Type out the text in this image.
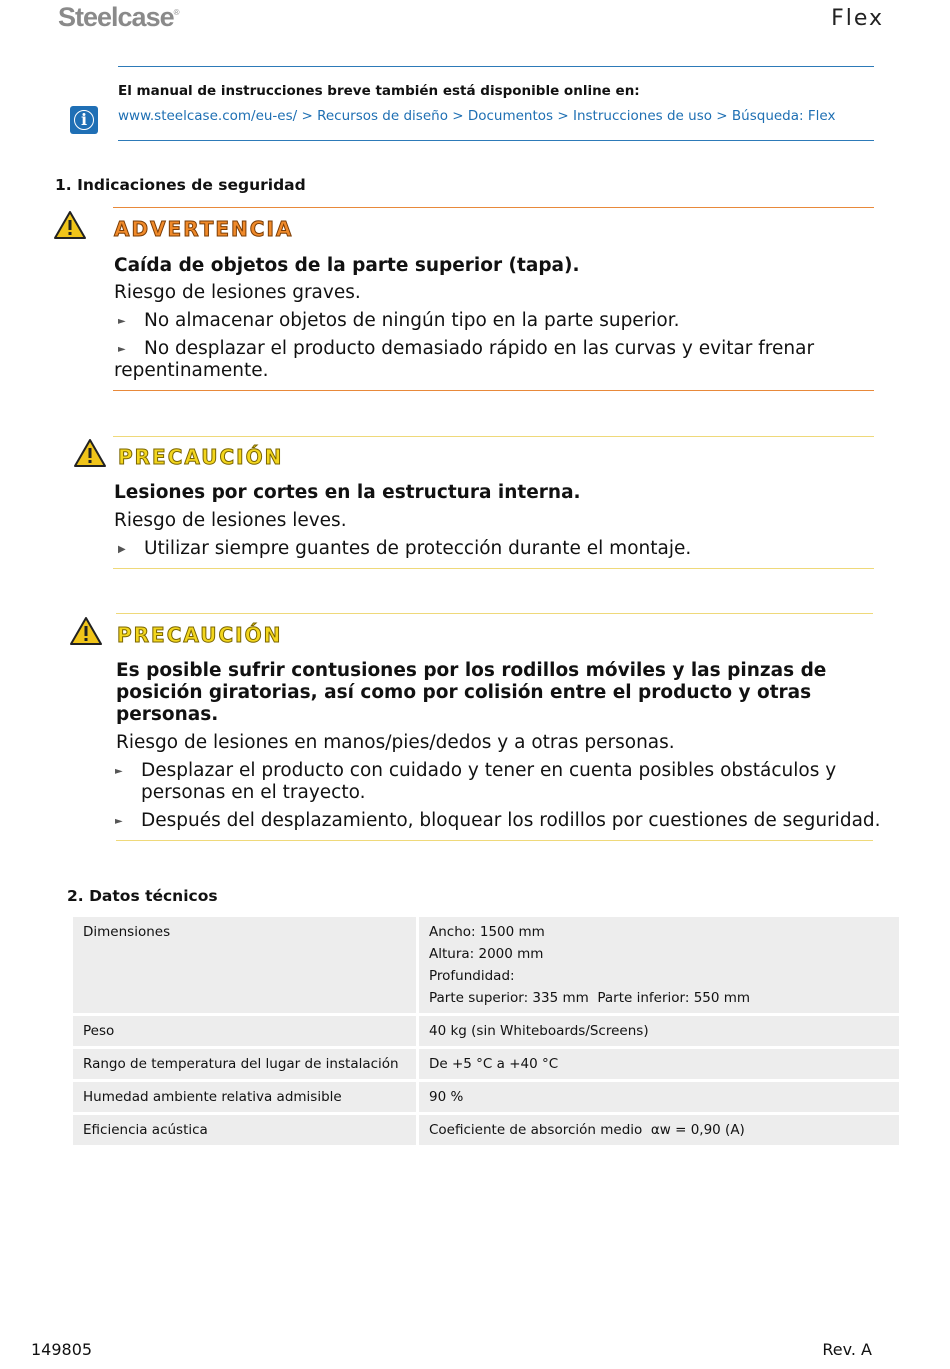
Steelcase®	Flex
i
El manual de instrucciones breve también está disponible online en:
www.steelcase.com/eu-es/ > Recursos de diseño > Documentos > Instrucciones de uso > Búsqueda: Flex
1. Indicaciones de seguridad
ADVERTENCIA
Caída de objetos de la parte superior (tapa).
Riesgo de lesiones graves.
► No almacenar objetos de ningún tipo en la parte superior.
► No desplazar el producto demasiado rápido en las curvas y evitar frenar
repentinamente.
PRECAUCIÓN
Lesiones por cortes en la estructura interna.
Riesgo de lesiones leves.
▶ Utilizar siempre guantes de protección durante el montaje.
PRECAUCIÓN
Es posible sufrir contusiones por los rodillos móviles y las pinzas de
posición giratorias, así como por colisión entre el producto y otras
personas.
Riesgo de lesiones en manos/pies/dedos y a otras personas.
► Desplazar el producto con cuidado y tener en cuenta posibles obstáculos y
personas en el trayecto.
► Después del desplazamiento, bloquear los rodillos por cuestiones de seguridad.
2. Datos técnicos
Dimensiones	Ancho: 1500 mm
Altura: 2000 mm
Profundidad:
Parte superior: 335 mm  Parte inferior: 550 mm
Peso	40 kg (sin Whiteboards/Screens)
Rango de temperatura del lugar de instalación	De +5 °C a +40 °C
Humedad ambiente relativa admisible	90 %
Eficiencia acústica	Coeficiente de absorción medio  αw = 0,90 (A)
149805	Rev. A
